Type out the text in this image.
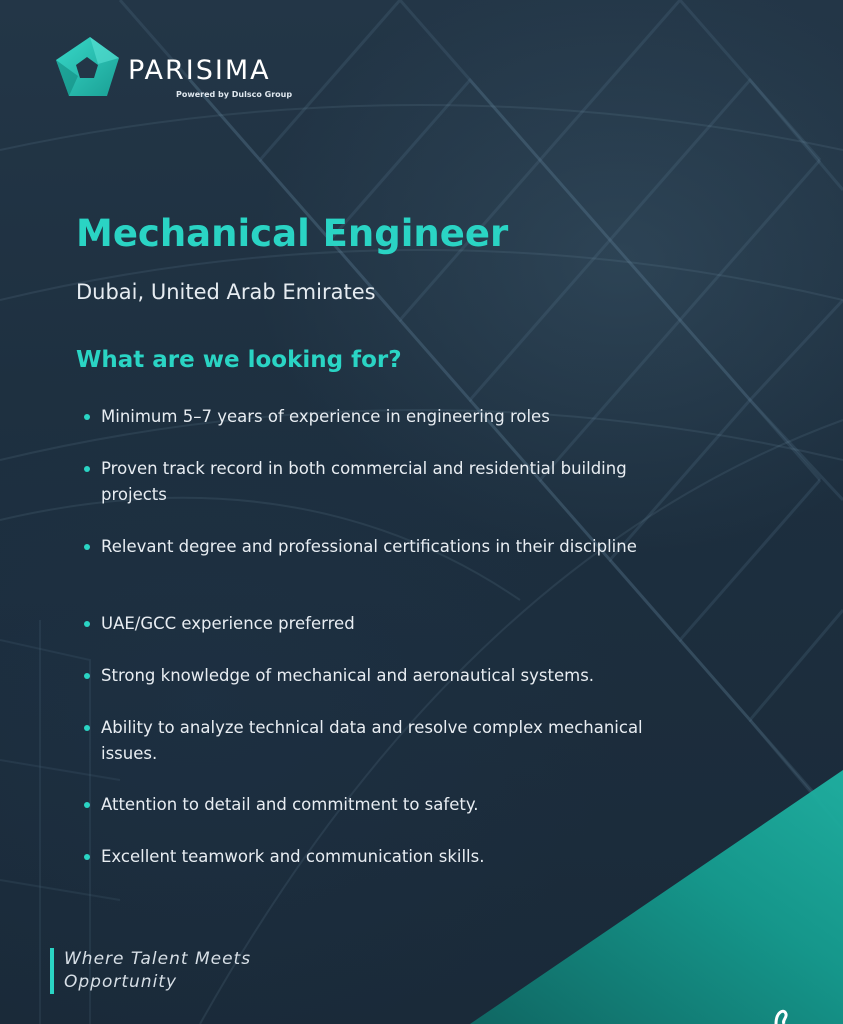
PARISIMA
Powered by Dulsco Group
Mechanical Engineer
Dubai, United Arab Emirates
What are we looking for?
Minimum 5–7 years of experience in engineering roles
Proven track record in both commercial and residential building projects
Relevant degree and professional certifications in their discipline
UAE/GCC experience preferred
Strong knowledge of mechanical and aeronautical systems.
Ability to analyze technical data and resolve complex mechanical issues.
Attention to detail and commitment to safety.
Excellent teamwork and communication skills.
Where Talent Meets
Opportunity
